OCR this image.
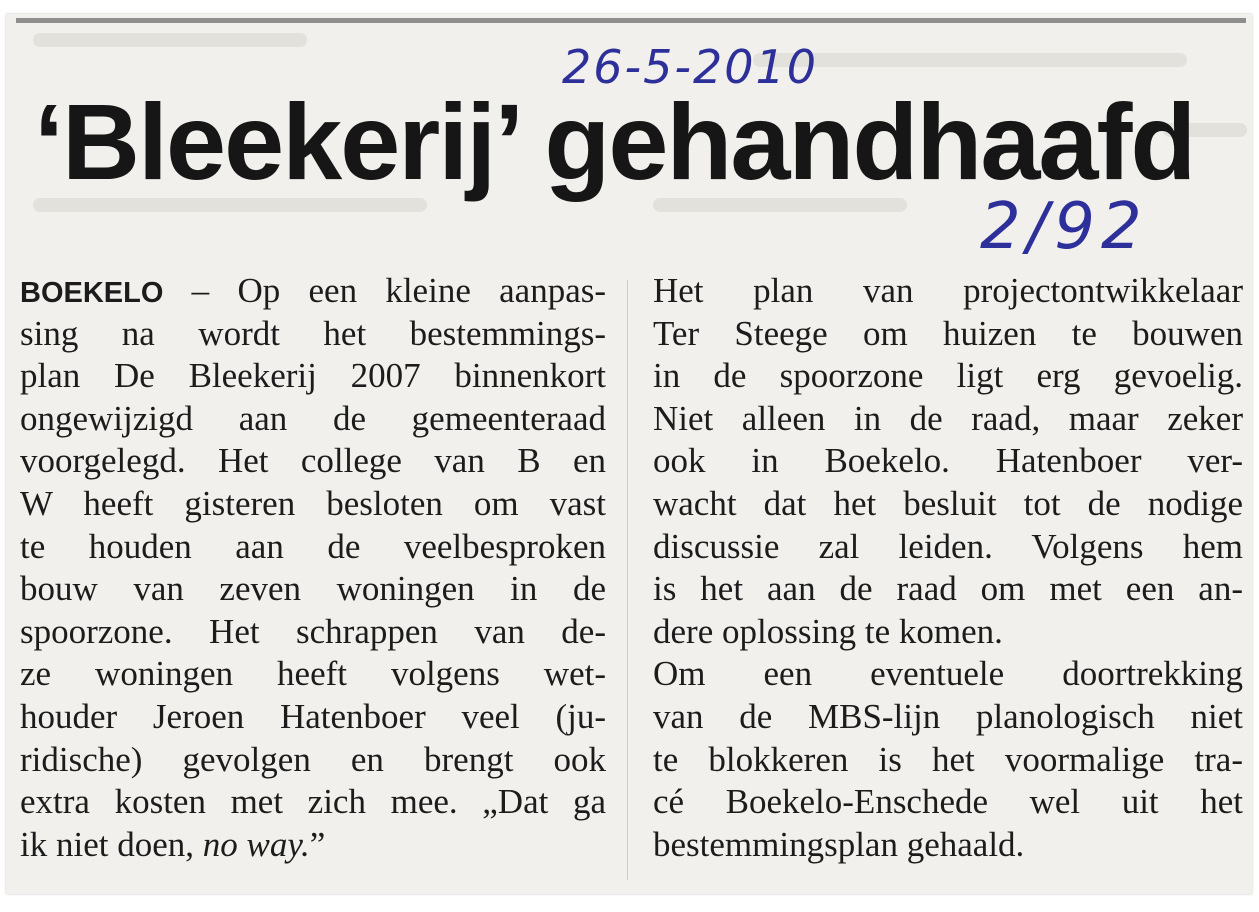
26-5-2010
2/92
‘Bleekerij’ gehandhaafd
BOEKELO – Op een kleine aanpas-
sing na wordt het bestemmings-
plan De Bleekerij 2007 binnenkort
ongewijzigd aan de gemeenteraad
voorgelegd. Het college van B en
W heeft gisteren besloten om vast
te houden aan de veelbesproken
bouw van zeven woningen in de
spoorzone. Het schrappen van de-
ze woningen heeft volgens wet-
houder Jeroen Hatenboer veel (ju-
ridische) gevolgen en brengt ook
extra kosten met zich mee. „Dat ga
ik niet doen, no way.”
Het plan van projectontwikkelaar
Ter Steege om huizen te bouwen
in de spoorzone ligt erg gevoelig.
Niet alleen in de raad, maar zeker
ook in Boekelo. Hatenboer ver-
wacht dat het besluit tot de nodige
discussie zal leiden. Volgens hem
is het aan de raad om met een an-
dere oplossing te komen.
Om een eventuele doortrekking
van de MBS-lijn planologisch niet
te blokkeren is het voormalige tra-
cé Boekelo-Enschede wel uit het
bestemmingsplan gehaald.
